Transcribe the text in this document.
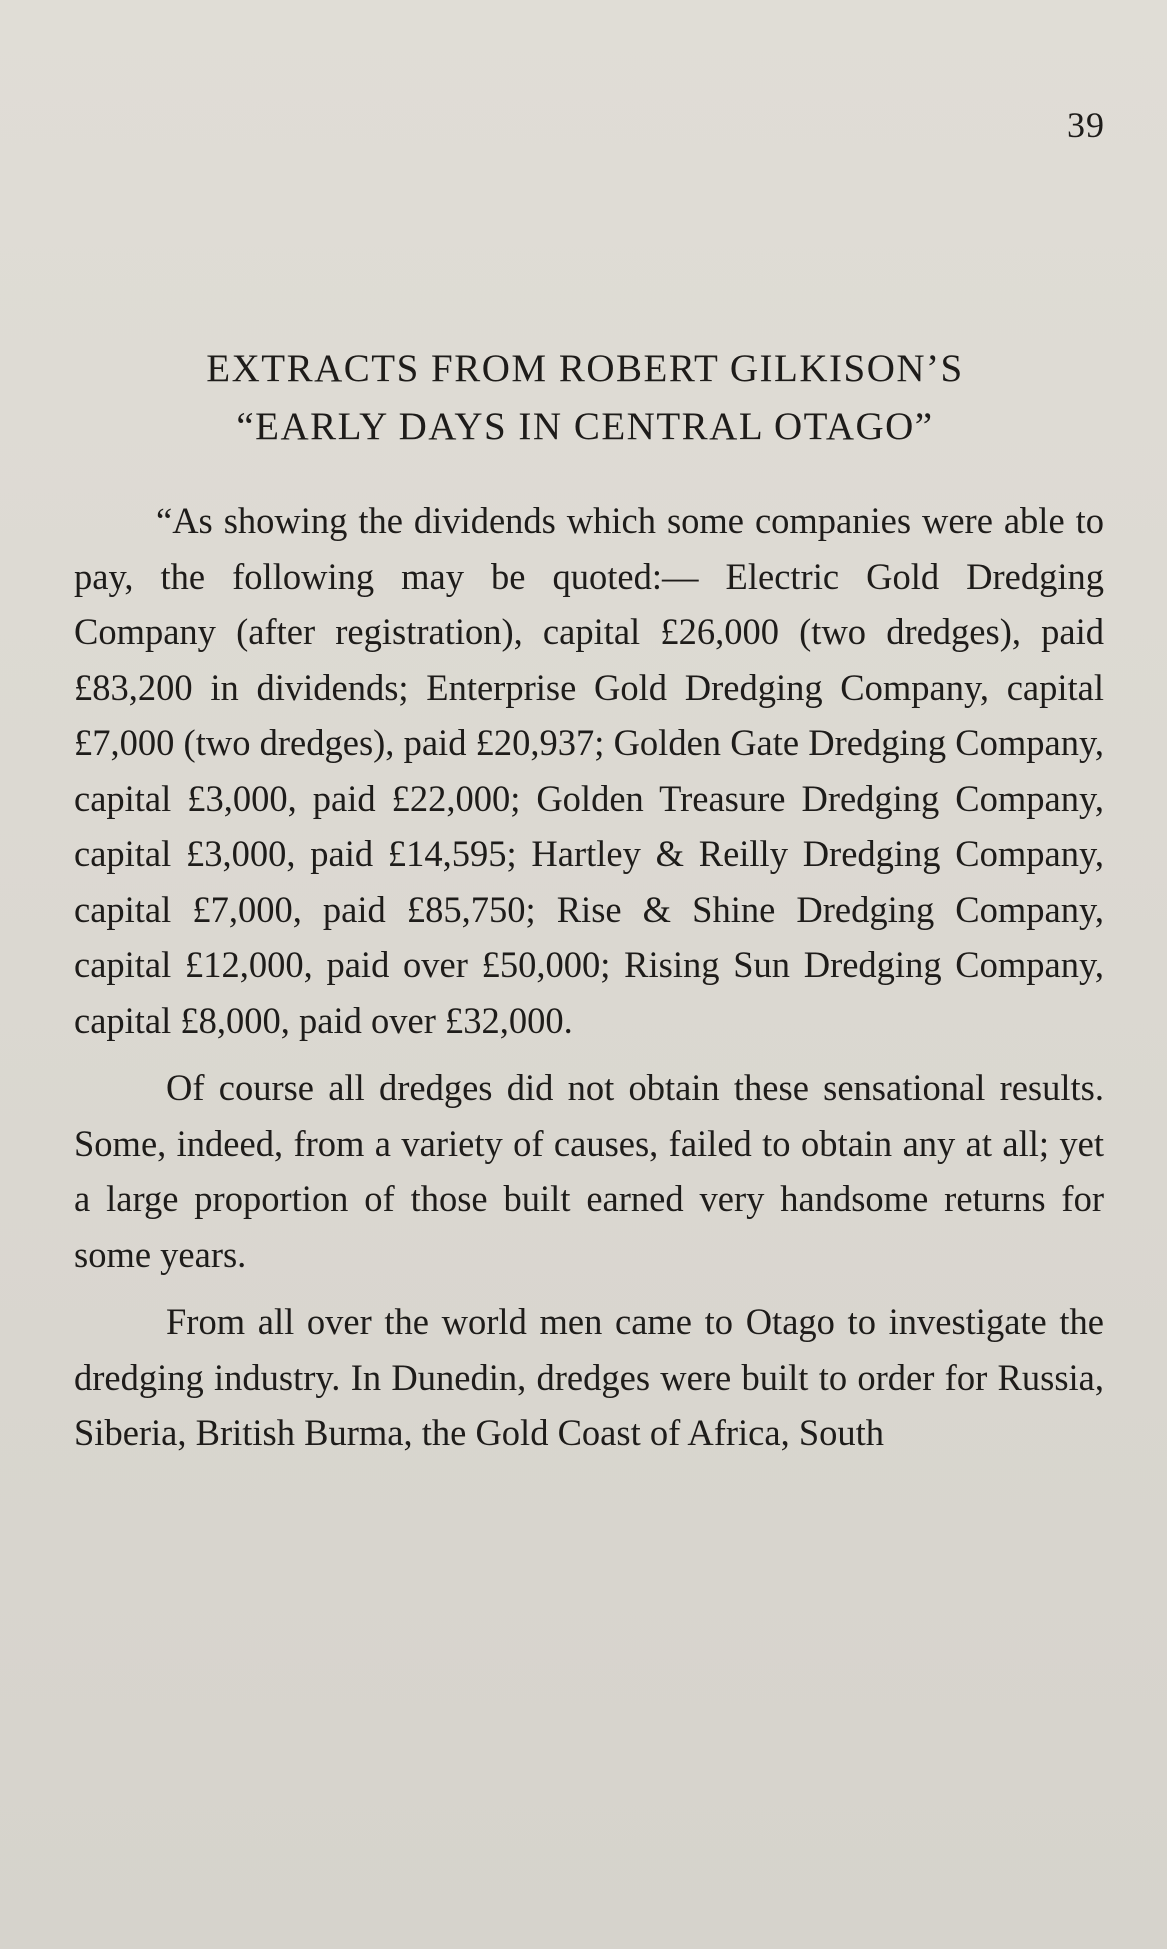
39
EXTRACTS FROM ROBERT GILKISON’S
“EARLY DAYS IN CENTRAL OTAGO”

“As showing the dividends which some companies were able to pay, the following may be quoted:— Electric Gold Dredging Company (after registration), capital £26,000 (two dredges), paid £83,200 in dividends; Enterprise Gold Dredging Company, capital £7,000 (two dredges), paid £20,937; Golden Gate Dredging Company, capital £3,000, paid £22,000; Golden Treasure Dredging Company, capital £3,000, paid £14,595; Hartley & Reilly Dredging Company, capital £7,000, paid £85,750; Rise & Shine Dredging Company, capital £12,000, paid over £50,000; Rising Sun Dredging Company, capital £8,000, paid over £32,000.

Of course all dredges did not obtain these sensational results. Some, indeed, from a variety of causes, failed to obtain any at all; yet a large proportion of those built earned very handsome returns for some years.

From all over the world men came to Otago to investigate the dredging industry. In Dunedin, dredges were built to order for Russia, Siberia, British Burma, the Gold Coast of Africa, South
